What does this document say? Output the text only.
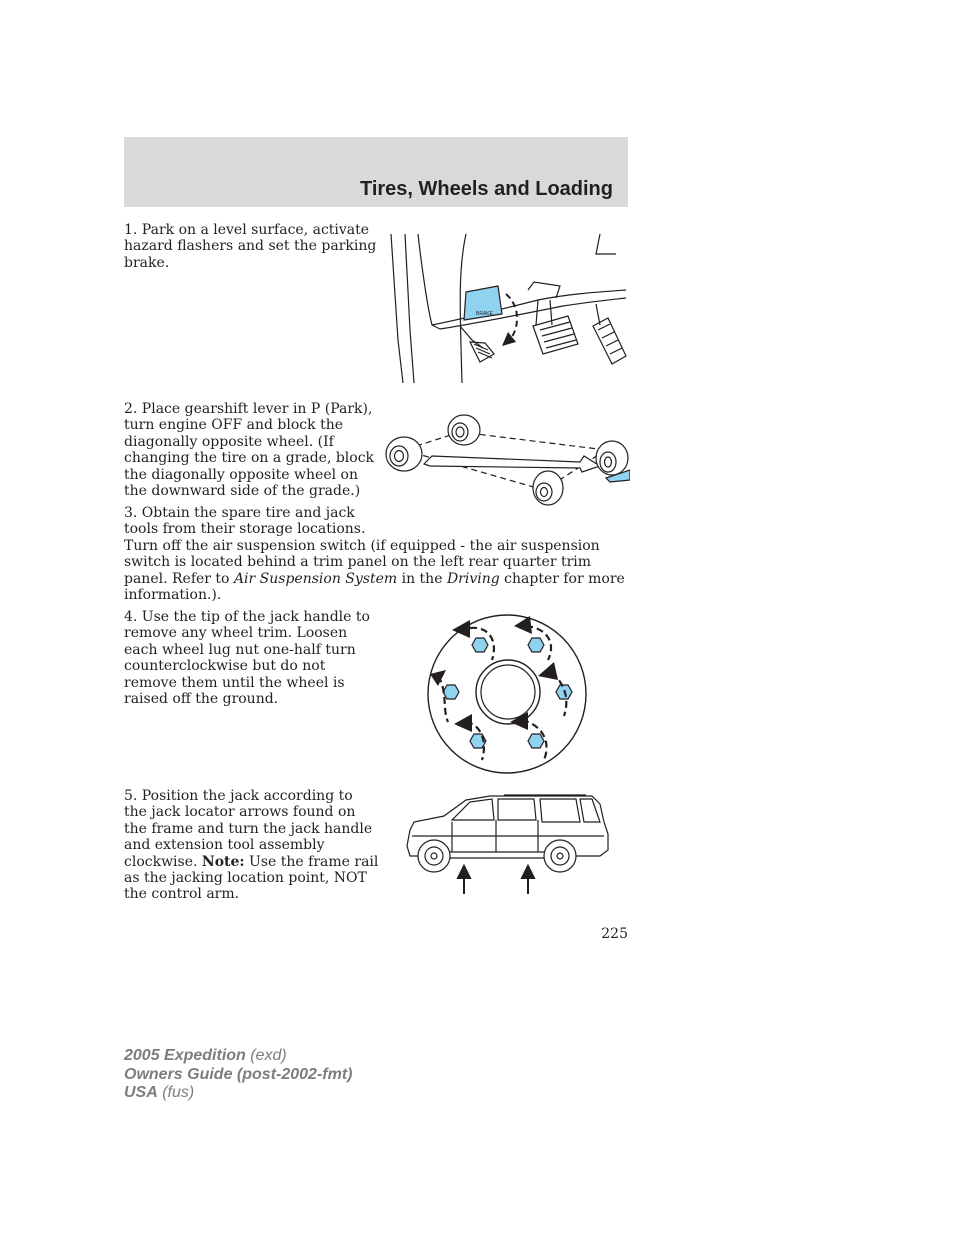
Tires, Wheels and Loading
1. Park on a level surface, activate hazard flashers and set the parking brake.
BRAKE
2. Place gearshift lever in P (Park), turn engine OFF and block the diagonally opposite wheel. (If changing the tire on a grade, block the diagonally opposite wheel on the downward side of the grade.)
3. Obtain the spare tire and jack tools from their storage locations.
Turn off the air suspension switch (if equipped - the air suspension switch is located behind a trim panel on the left rear quarter trim panel. Refer to Air Suspension System in the Driving chapter for more information.).
4. Use the tip of the jack handle to remove any wheel trim. Loosen each wheel lug nut one-half turn counterclockwise but do not remove them until the wheel is raised off the ground.
5. Position the jack according to the jack locator arrows found on the frame and turn the jack handle and extension tool assembly clockwise. Note: Use the frame rail as the jacking location point, NOT the control arm.
225
2005 Expedition (exd)
Owners Guide (post-2002-fmt)
USA (fus)
